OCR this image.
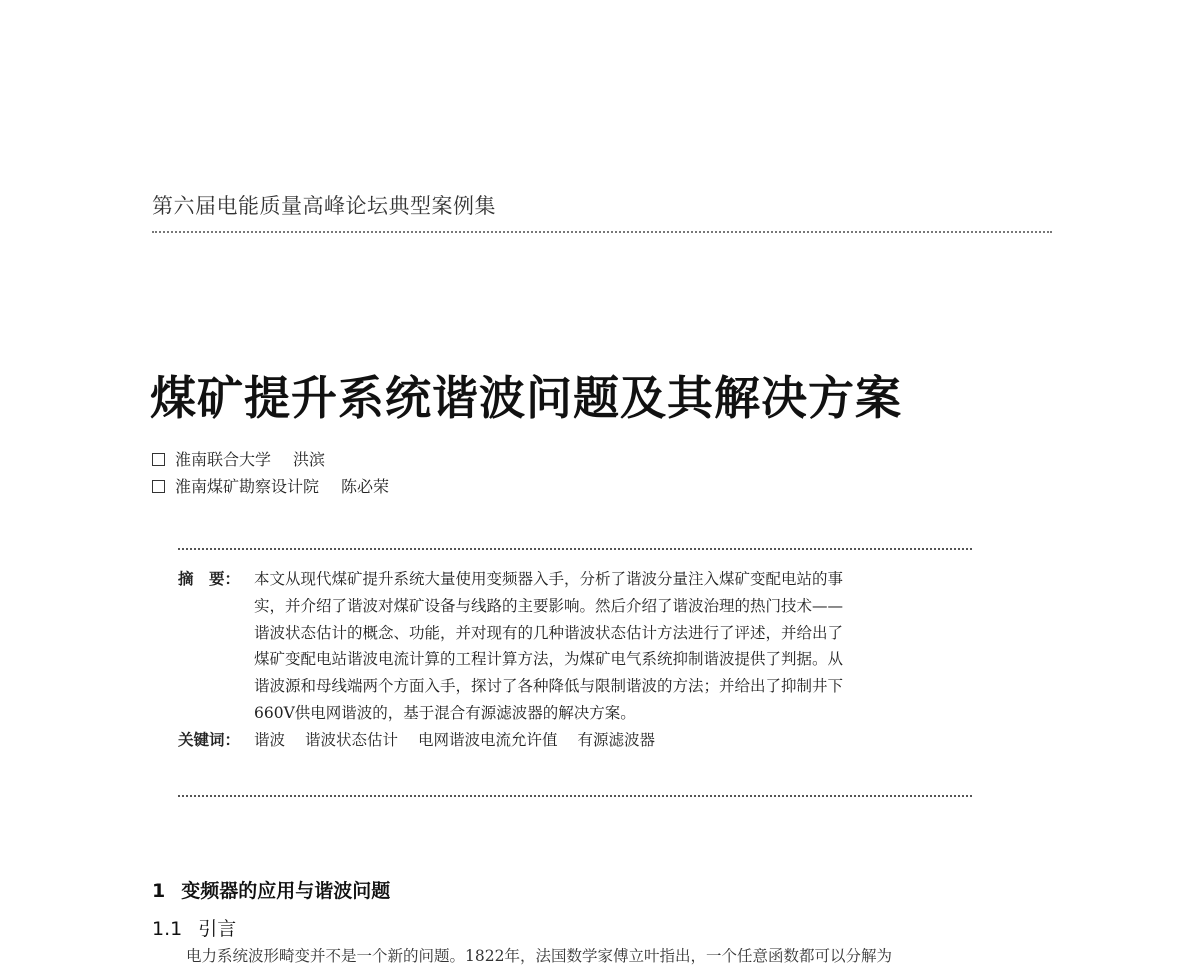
第六届电能质量高峰论坛典型案例集
煤矿提升系统谐波问题及其解决方案
淮南联合大学 洪滨
淮南煤矿勘察设计院 陈必荣
摘　要： 本文从现代煤矿提升系统大量使用变频器入手，分析了谐波分量注入煤矿变配电站的事
实，并介绍了谐波对煤矿设备与线路的主要影响。然后介绍了谐波治理的热门技术——
谐波状态估计的概念、功能，并对现有的几种谐波状态估计方法进行了评述，并给出了
煤矿变配电站谐波电流计算的工程计算方法，为煤矿电气系统抑制谐波提供了判据。从
谐波源和母线端两个方面入手，探讨了各种降低与限制谐波的方法；并给出了抑制井下
660V供电网谐波的，基于混合有源滤波器的解决方案。
关键词： 谐波 谐波状态估计 电网谐波电流允许值 有源滤波器
1 变频器的应用与谐波问题
1.1 引言
电力系统波形畸变并不是一个新的问题。1822年，法国数学家傅立叶指出，一个任意函数都可以分解为
